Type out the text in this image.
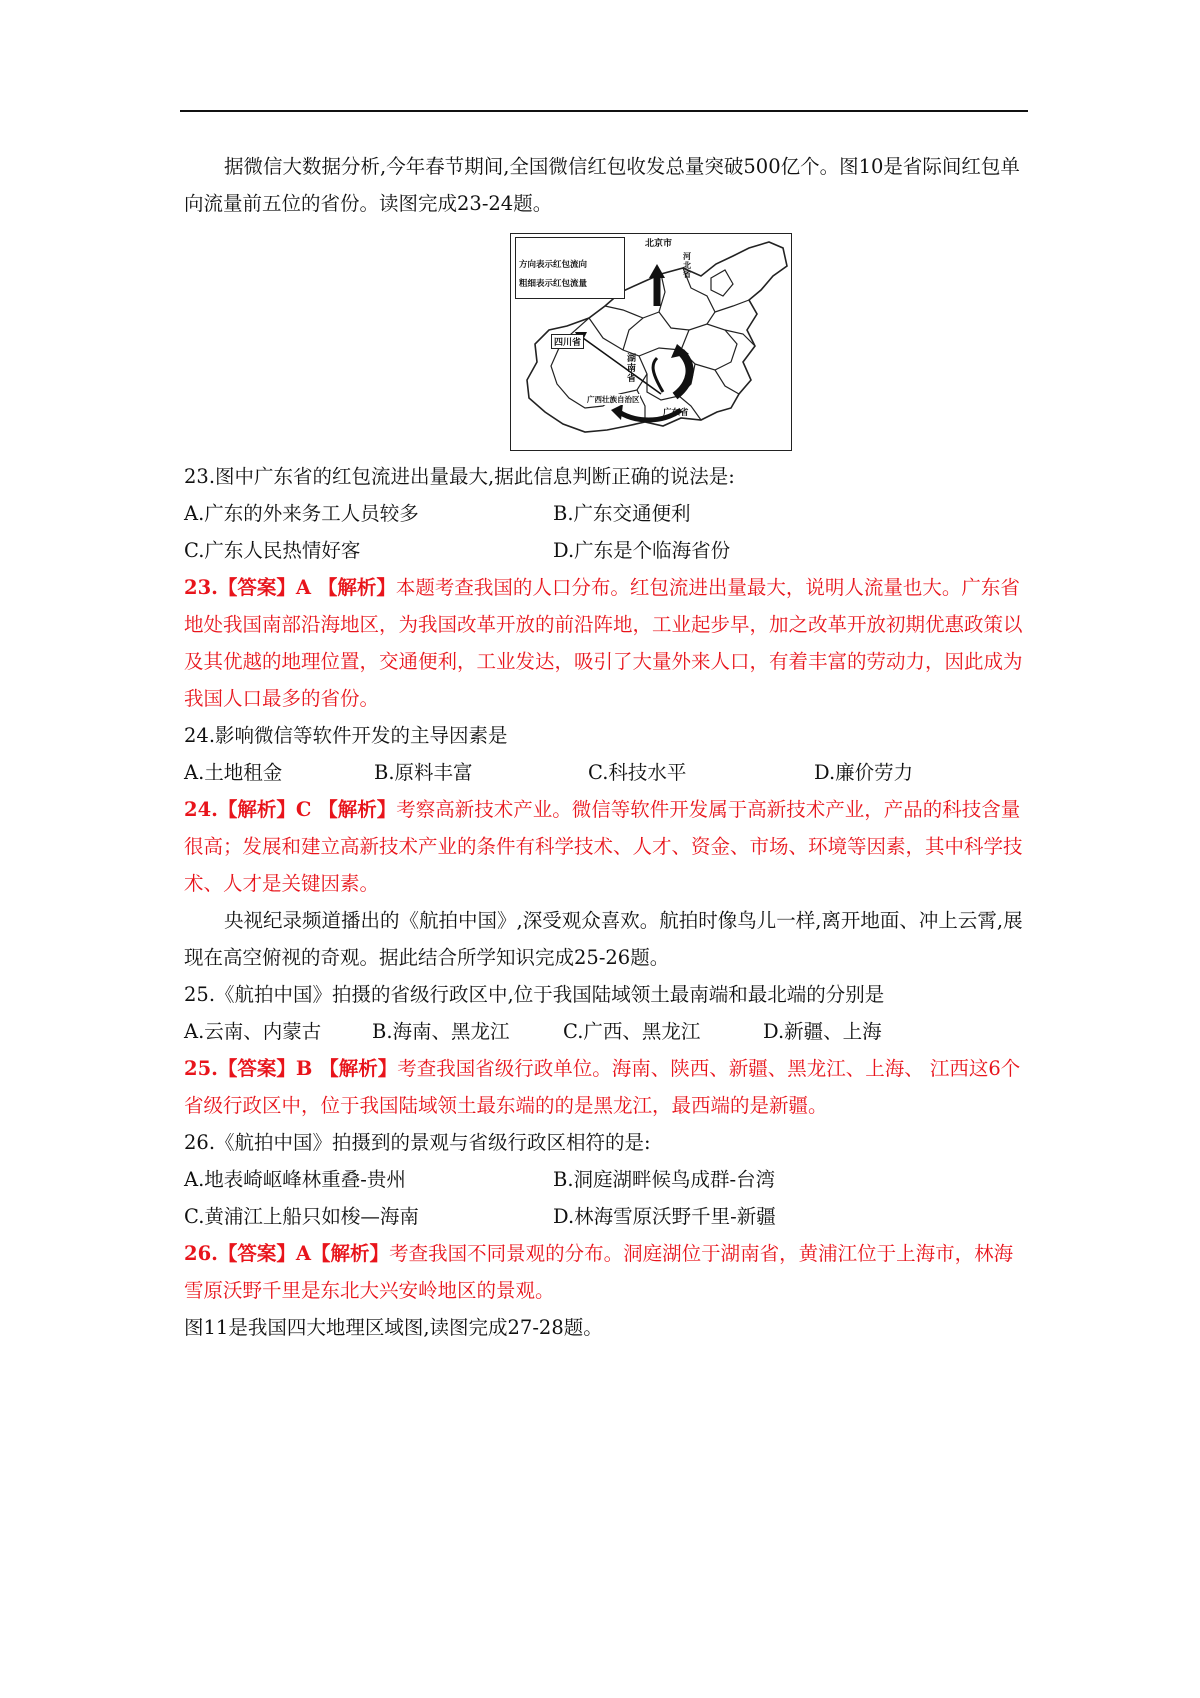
据微信大数据分析,今年春节期间,全国微信红包收发总量突破500亿个。图10是省际间红包单向流量前五位的省份。读图完成23-24题。

方向表示红包流向
粗细表示红包流量
北京市
河北省
四川省
湖南省
广西壮族自治区
广东省

23.图中广东省的红包流进出量最大,据此信息判断正确的说法是:

A.广东的外来务工人员较多	B.广东交通便利
C.广东人民热情好客	D.广东是个临海省份

23.【答案】A 【解析】本题考查我国的人口分布。红包流进出量最大，说明人流量也大。广东省地处我国南部沿海地区，为我国改革开放的前沿阵地，工业起步早，加之改革开放初期优惠政策以及其优越的地理位置，交通便利，工业发达，吸引了大量外来人口，有着丰富的劳动力，因此成为我国人口最多的省份。

24.影响微信等软件开发的主导因素是

A.土地租金	B.原料丰富	C.科技水平	D.廉价劳力

24.【解析】C 【解析】考察高新技术产业。微信等软件开发属于高新技术产业，产品的科技含量很高；发展和建立高新技术产业的条件有科学技术、人才、资金、市场、环境等因素，其中科学技术、人才是关键因素。

央视纪录频道播出的《航拍中国》,深受观众喜欢。航拍时像鸟儿一样,离开地面、冲上云霄,展现在高空俯视的奇观。据此结合所学知识完成25-26题。

25.《航拍中国》拍摄的省级行政区中,位于我国陆域领土最南端和最北端的分别是

A.云南、内蒙古	B.海南、黑龙江	C.广西、黑龙江	D.新疆、上海

25.【答案】B 【解析】考查我国省级行政单位。海南、陕西、新疆、黑龙江、上海、 江西这6个省级行政区中，位于我国陆域领土最东端的的是黑龙江，最西端的是新疆。

26.《航拍中国》拍摄到的景观与省级行政区相符的是:

A.地表崎岖峰林重叠-贵州	B.洞庭湖畔候鸟成群-台湾
C.黄浦江上船只如梭—海南	D.林海雪原沃野千里-新疆

26.【答案】A【解析】考查我国不同景观的分布。洞庭湖位于湖南省，黄浦江位于上海市，林海雪原沃野千里是东北大兴安岭地区的景观。

图11是我国四大地理区域图,读图完成27-28题。
